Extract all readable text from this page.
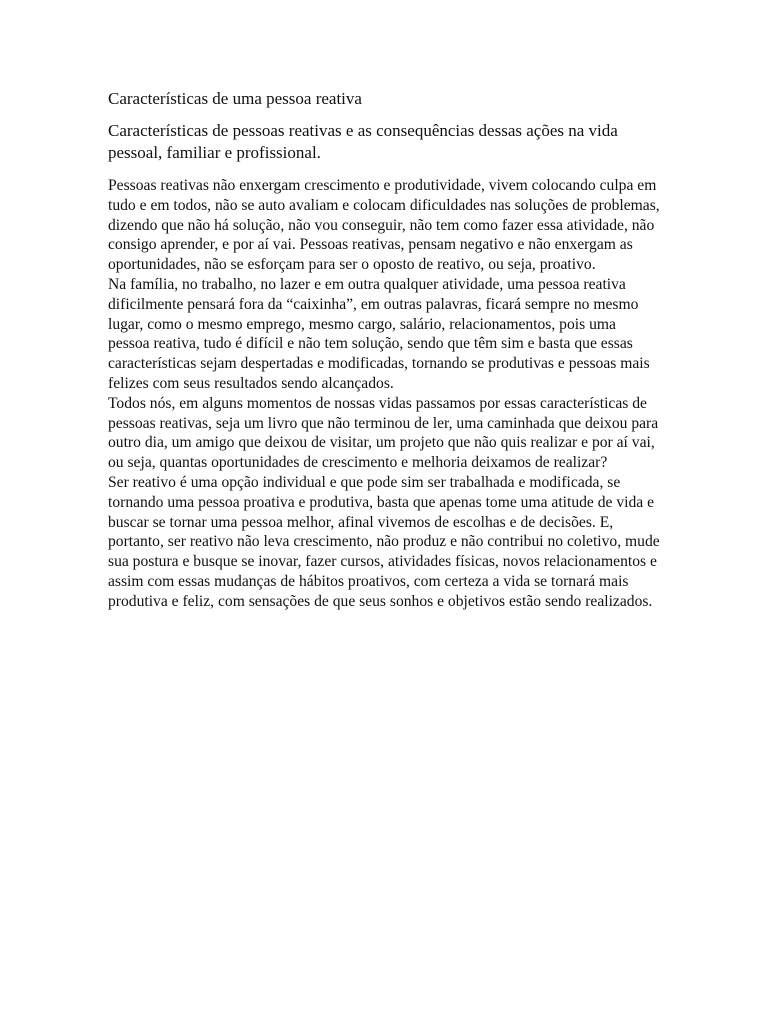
Características de uma pessoa reativa
Características de pessoas reativas e as consequências dessas ações na vida pessoal, familiar e profissional.

Pessoas reativas não enxergam crescimento e produtividade, vivem colocando culpa em tudo e em todos, não se auto avaliam e colocam dificuldades nas soluções de problemas, dizendo que não há solução, não vou conseguir, não tem como fazer essa atividade, não consigo aprender, e por aí vai. Pessoas reativas, pensam negativo e não enxergam as oportunidades, não se esforçam para ser o oposto de reativo, ou seja, proativo.

Na família, no trabalho, no lazer e em outra qualquer atividade, uma pessoa reativa dificilmente pensará fora da “caixinha”, em outras palavras, ficará sempre no mesmo lugar, como o mesmo emprego, mesmo cargo, salário, relacionamentos, pois uma pessoa reativa, tudo é difícil e não tem solução, sendo que têm sim e basta que essas características sejam despertadas e modificadas, tornando se produtivas e pessoas mais felizes com seus resultados sendo alcançados.

Todos nós, em alguns momentos de nossas vidas passamos por essas características de pessoas reativas, seja um livro que não terminou de ler, uma caminhada que deixou para outro dia, um amigo que deixou de visitar, um projeto que não quis realizar e por aí vai, ou seja, quantas oportunidades de crescimento e melhoria deixamos de realizar?

Ser reativo é uma opção individual e que pode sim ser trabalhada e modificada, se tornando uma pessoa proativa e produtiva, basta que apenas tome uma atitude de vida e buscar se tornar uma pessoa melhor, afinal vivemos de escolhas e de decisões. E, portanto, ser reativo não leva crescimento, não produz e não contribui no coletivo, mude sua postura e busque se inovar, fazer cursos, atividades físicas, novos relacionamentos e assim com essas mudanças de hábitos proativos, com certeza a vida se tornará mais produtiva e feliz, com sensações de que seus sonhos e objetivos estão sendo realizados.
